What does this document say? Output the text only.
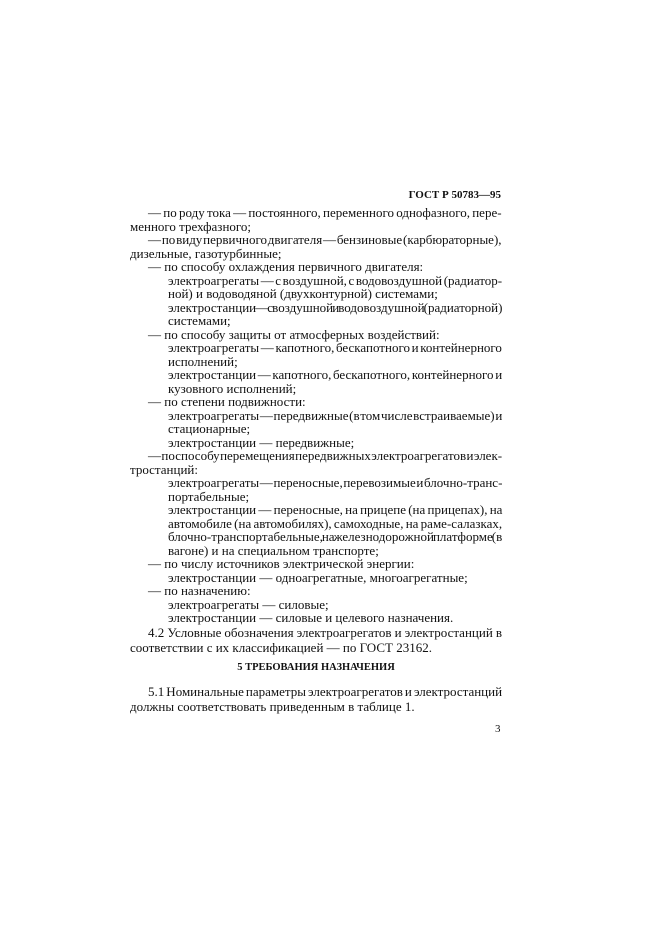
ГОСТ Р 50783—95
— по роду тока — постоянного, переменного однофазного, пере-
менного трехфазного;
— по виду первичного двигателя — бензиновые (карбюраторные),
дизельные, газотурбинные;
— по способу охлаждения первичного двигателя:
электроагрегаты — с воздушной, с водовоздушной (радиатор-
ной) и водоводяной (двухконтурной) системами;
электростанции — с воздушной и водовоздушной (радиаторной)
системами;
— по способу защиты от атмосферных воздействий:
электроагрегаты — капотного, бескапотного и контейнерного
исполнений;
электростанции — капотного, бескапотного, контейнерного и
кузовного исполнений;
— по степени подвижности:
электроагрегаты — передвижные (в том числе встраиваемые) и
стационарные;
электростанции — передвижные;
— по способу перемещения передвижных электроагрегатов и элек-
тростанций:
электроагрегаты — переносные, перевозимые и блочно-транс-
портабельные;
электростанции — переносные, на прицепе (на прицепах), на
автомобиле (на автомобилях), самоходные, на раме-салазках,
блочно-транспортабельные, на железнодорожной платформе (в
вагоне) и на специальном транспорте;
— по числу источников электрической энергии:
электростанции — одноагрегатные, многоагрегатные;
— по назначению:
электроагрегаты — силовые;
электростанции — силовые и целевого назначения.
4.2 Условные обозначения электроагрегатов и электростанций в
соответствии с их классификацией — по ГОСТ 23162.
5 ТРЕБОВАНИЯ НАЗНАЧЕНИЯ
5.1 Номинальные параметры электроагрегатов и электростанций
должны соответствовать приведенным в таблице 1.
3
